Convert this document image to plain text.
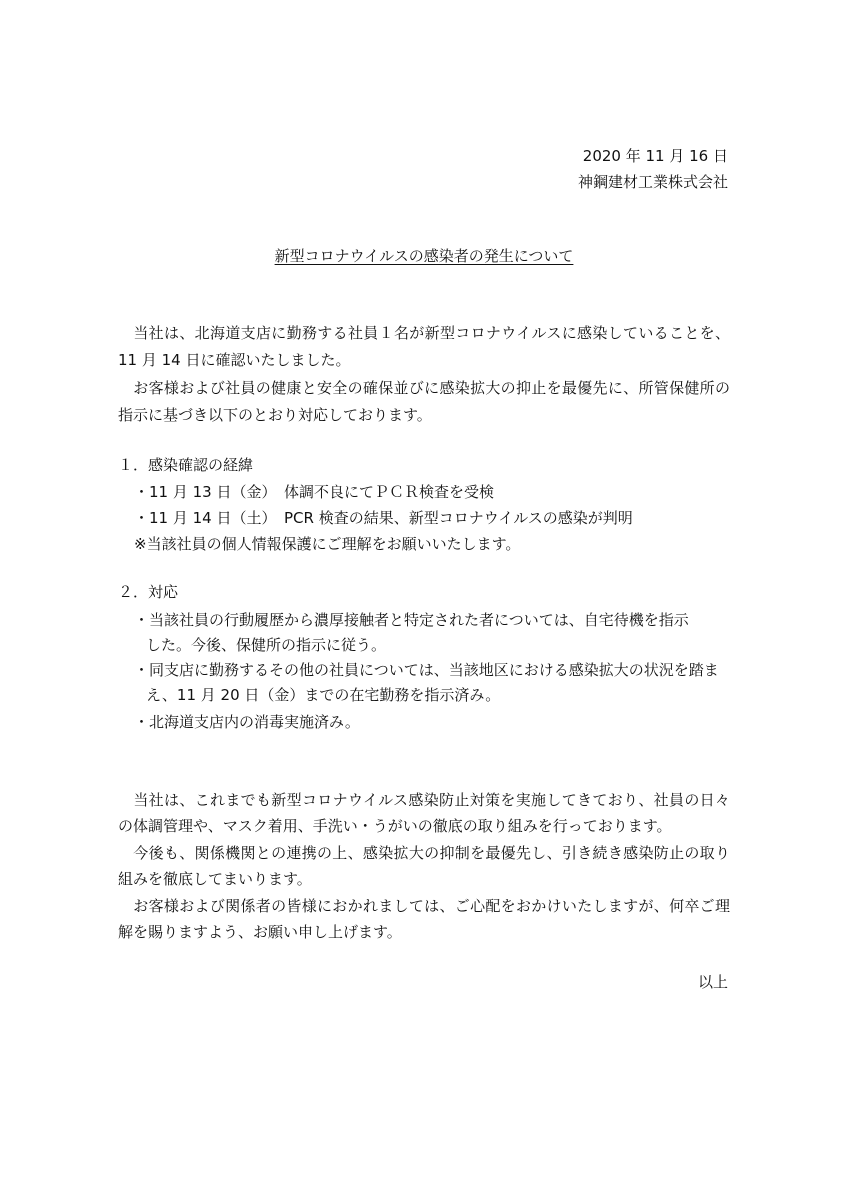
2020 年 11 月 16 日
神鋼建材工業株式会社
新型コロナウイルスの感染者の発生について
　当社は、北海道支店に勤務する社員１名が新型コロナウイルスに感染していることを、
11 月 14 日に確認いたしました。
　お客様および社員の健康と安全の確保並びに感染拡大の抑止を最優先に、所管保健所の
指示に基づき以下のとおり対応しております。
１．感染確認の経緯
・11 月 13 日（金）　体調不良にてＰＣＲ検査を受検
・11 月 14 日（土）　PCR 検査の結果、新型コロナウイルスの感染が判明
※当該社員の個人情報保護にご理解をお願いいたします。
２．対応
・当該社員の行動履歴から濃厚接触者と特定された者については、自宅待機を指示
した。今後、保健所の指示に従う。
・同支店に勤務するその他の社員については、当該地区における感染拡大の状況を踏ま
え、11 月 20 日（金）までの在宅勤務を指示済み。
・北海道支店内の消毒実施済み。
　当社は、これまでも新型コロナウイルス感染防止対策を実施してきており、社員の日々
の体調管理や、マスク着用、手洗い・うがいの徹底の取り組みを行っております。
　今後も、関係機関との連携の上、感染拡大の抑制を最優先し、引き続き感染防止の取り
組みを徹底してまいります。
　お客様および関係者の皆様におかれましては、ご心配をおかけいたしますが、何卒ご理
解を賜りますよう、お願い申し上げます。
以上
